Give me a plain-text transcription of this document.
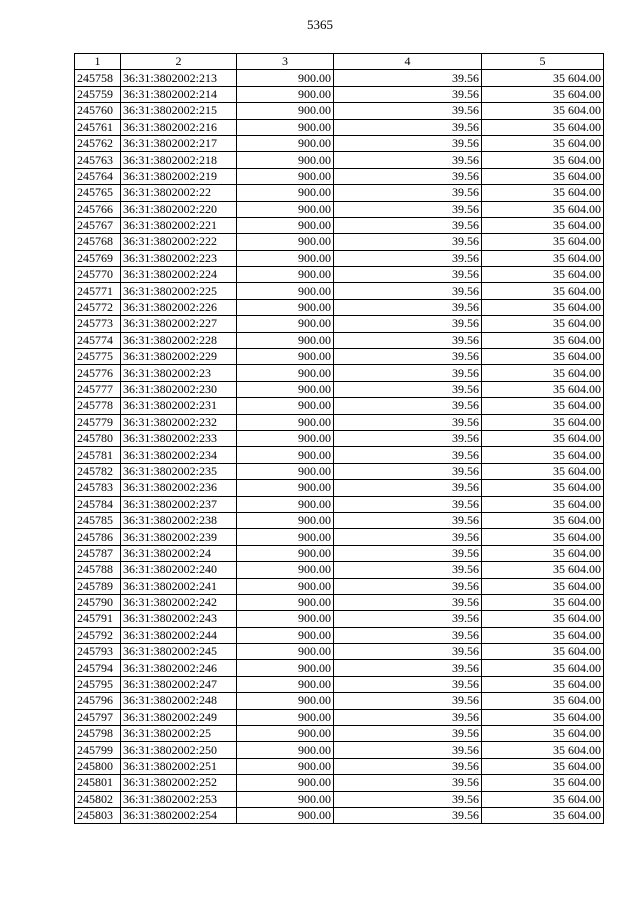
5365
1	2	3	4	5
245758	36:31:3802002:213	900.00	39.56	35 604.00
245759	36:31:3802002:214	900.00	39.56	35 604.00
245760	36:31:3802002:215	900.00	39.56	35 604.00
245761	36:31:3802002:216	900.00	39.56	35 604.00
245762	36:31:3802002:217	900.00	39.56	35 604.00
245763	36:31:3802002:218	900.00	39.56	35 604.00
245764	36:31:3802002:219	900.00	39.56	35 604.00
245765	36:31:3802002:22	900.00	39.56	35 604.00
245766	36:31:3802002:220	900.00	39.56	35 604.00
245767	36:31:3802002:221	900.00	39.56	35 604.00
245768	36:31:3802002:222	900.00	39.56	35 604.00
245769	36:31:3802002:223	900.00	39.56	35 604.00
245770	36:31:3802002:224	900.00	39.56	35 604.00
245771	36:31:3802002:225	900.00	39.56	35 604.00
245772	36:31:3802002:226	900.00	39.56	35 604.00
245773	36:31:3802002:227	900.00	39.56	35 604.00
245774	36:31:3802002:228	900.00	39.56	35 604.00
245775	36:31:3802002:229	900.00	39.56	35 604.00
245776	36:31:3802002:23	900.00	39.56	35 604.00
245777	36:31:3802002:230	900.00	39.56	35 604.00
245778	36:31:3802002:231	900.00	39.56	35 604.00
245779	36:31:3802002:232	900.00	39.56	35 604.00
245780	36:31:3802002:233	900.00	39.56	35 604.00
245781	36:31:3802002:234	900.00	39.56	35 604.00
245782	36:31:3802002:235	900.00	39.56	35 604.00
245783	36:31:3802002:236	900.00	39.56	35 604.00
245784	36:31:3802002:237	900.00	39.56	35 604.00
245785	36:31:3802002:238	900.00	39.56	35 604.00
245786	36:31:3802002:239	900.00	39.56	35 604.00
245787	36:31:3802002:24	900.00	39.56	35 604.00
245788	36:31:3802002:240	900.00	39.56	35 604.00
245789	36:31:3802002:241	900.00	39.56	35 604.00
245790	36:31:3802002:242	900.00	39.56	35 604.00
245791	36:31:3802002:243	900.00	39.56	35 604.00
245792	36:31:3802002:244	900.00	39.56	35 604.00
245793	36:31:3802002:245	900.00	39.56	35 604.00
245794	36:31:3802002:246	900.00	39.56	35 604.00
245795	36:31:3802002:247	900.00	39.56	35 604.00
245796	36:31:3802002:248	900.00	39.56	35 604.00
245797	36:31:3802002:249	900.00	39.56	35 604.00
245798	36:31:3802002:25	900.00	39.56	35 604.00
245799	36:31:3802002:250	900.00	39.56	35 604.00
245800	36:31:3802002:251	900.00	39.56	35 604.00
245801	36:31:3802002:252	900.00	39.56	35 604.00
245802	36:31:3802002:253	900.00	39.56	35 604.00
245803	36:31:3802002:254	900.00	39.56	35 604.00
